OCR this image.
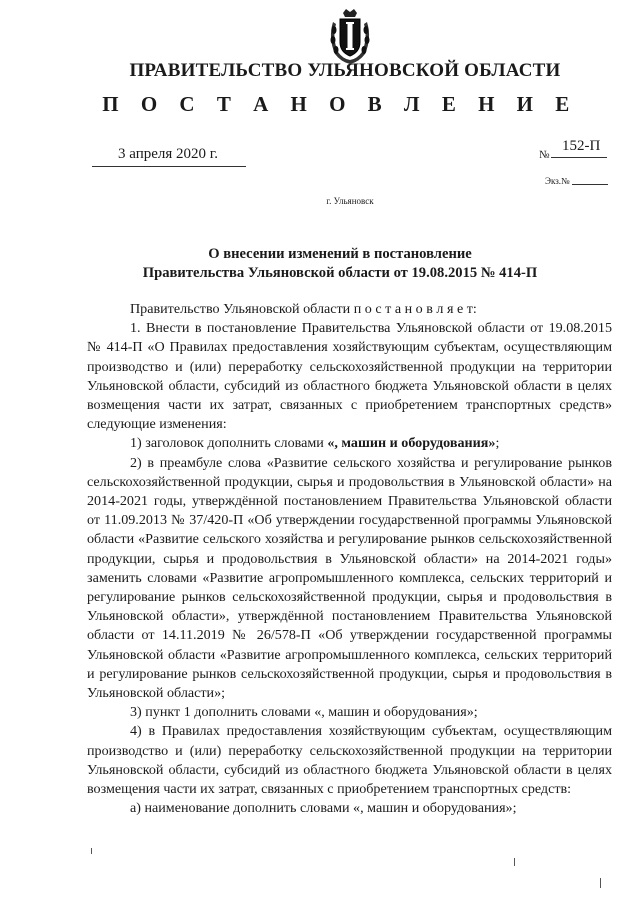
ПРАВИТЕЛЬСТВО УЛЬЯНОВСКОЙ ОБЛАСТИ
П О С Т А Н О В Л Е Н И Е
3 апреля 2020 г.	№
152-П
Экз.№
г. Ульяновск
О внесении изменений в постановление
Правительства Ульяновской области от 19.08.2015 № 414-П

Правительство Ульяновской области п о с т а н о в л я е т:

1. Внести в постановление Правительства Ульяновской области от 19.08.2015 № 414-П «О Правилах предоставления хозяйствующим субъектам, осуществляющим производство и (или) переработку сельскохозяйственной продукции на территории Ульяновской области, субсидий из областного бюджета Ульяновской области в целях возмещения части их затрат, связанных с приобретением транспортных средств» следующие изменения:

1) заголовок дополнить словами «, машин и оборудования»;

2) в преамбуле слова «Развитие сельского хозяйства и регулирование рынков сельскохозяйственной продукции, сырья и продовольствия в Ульяновской области» на 2014-2021 годы, утверждённой постановлением Правительства Ульяновской области от 11.09.2013 № 37/420-П «Об утверждении государственной программы Ульяновской области «Развитие сельского хозяйства и регулирование рынков сельскохозяйственной продукции, сырья и продовольствия в Ульяновской области» на 2014-2021 годы» заменить словами «Развитие агропромышленного комплекса, сельских территорий и регулирование рынков сельскохозяйственной продукции, сырья и продовольствия в Ульяновской области», утверждённой постановлением Правительства Ульяновской области от 14.11.2019 № 26/578-П «Об утверждении государственной программы Ульяновской области «Развитие агропромышленного комплекса, сельских территорий и регулирование рынков сельскохозяйственной продукции, сырья и продовольствия в Ульяновской области»;

3) пункт 1 дополнить словами «, машин и оборудования»;

4) в Правилах предоставления хозяйствующим субъектам, осуществляющим производство и (или) переработку сельскохозяйственной продукции на территории Ульяновской области, субсидий из областного бюджета Ульяновской области в целях возмещения части их затрат, связанных с приобретением транспортных средств:

а) наименование дополнить словами «, машин и оборудования»;
